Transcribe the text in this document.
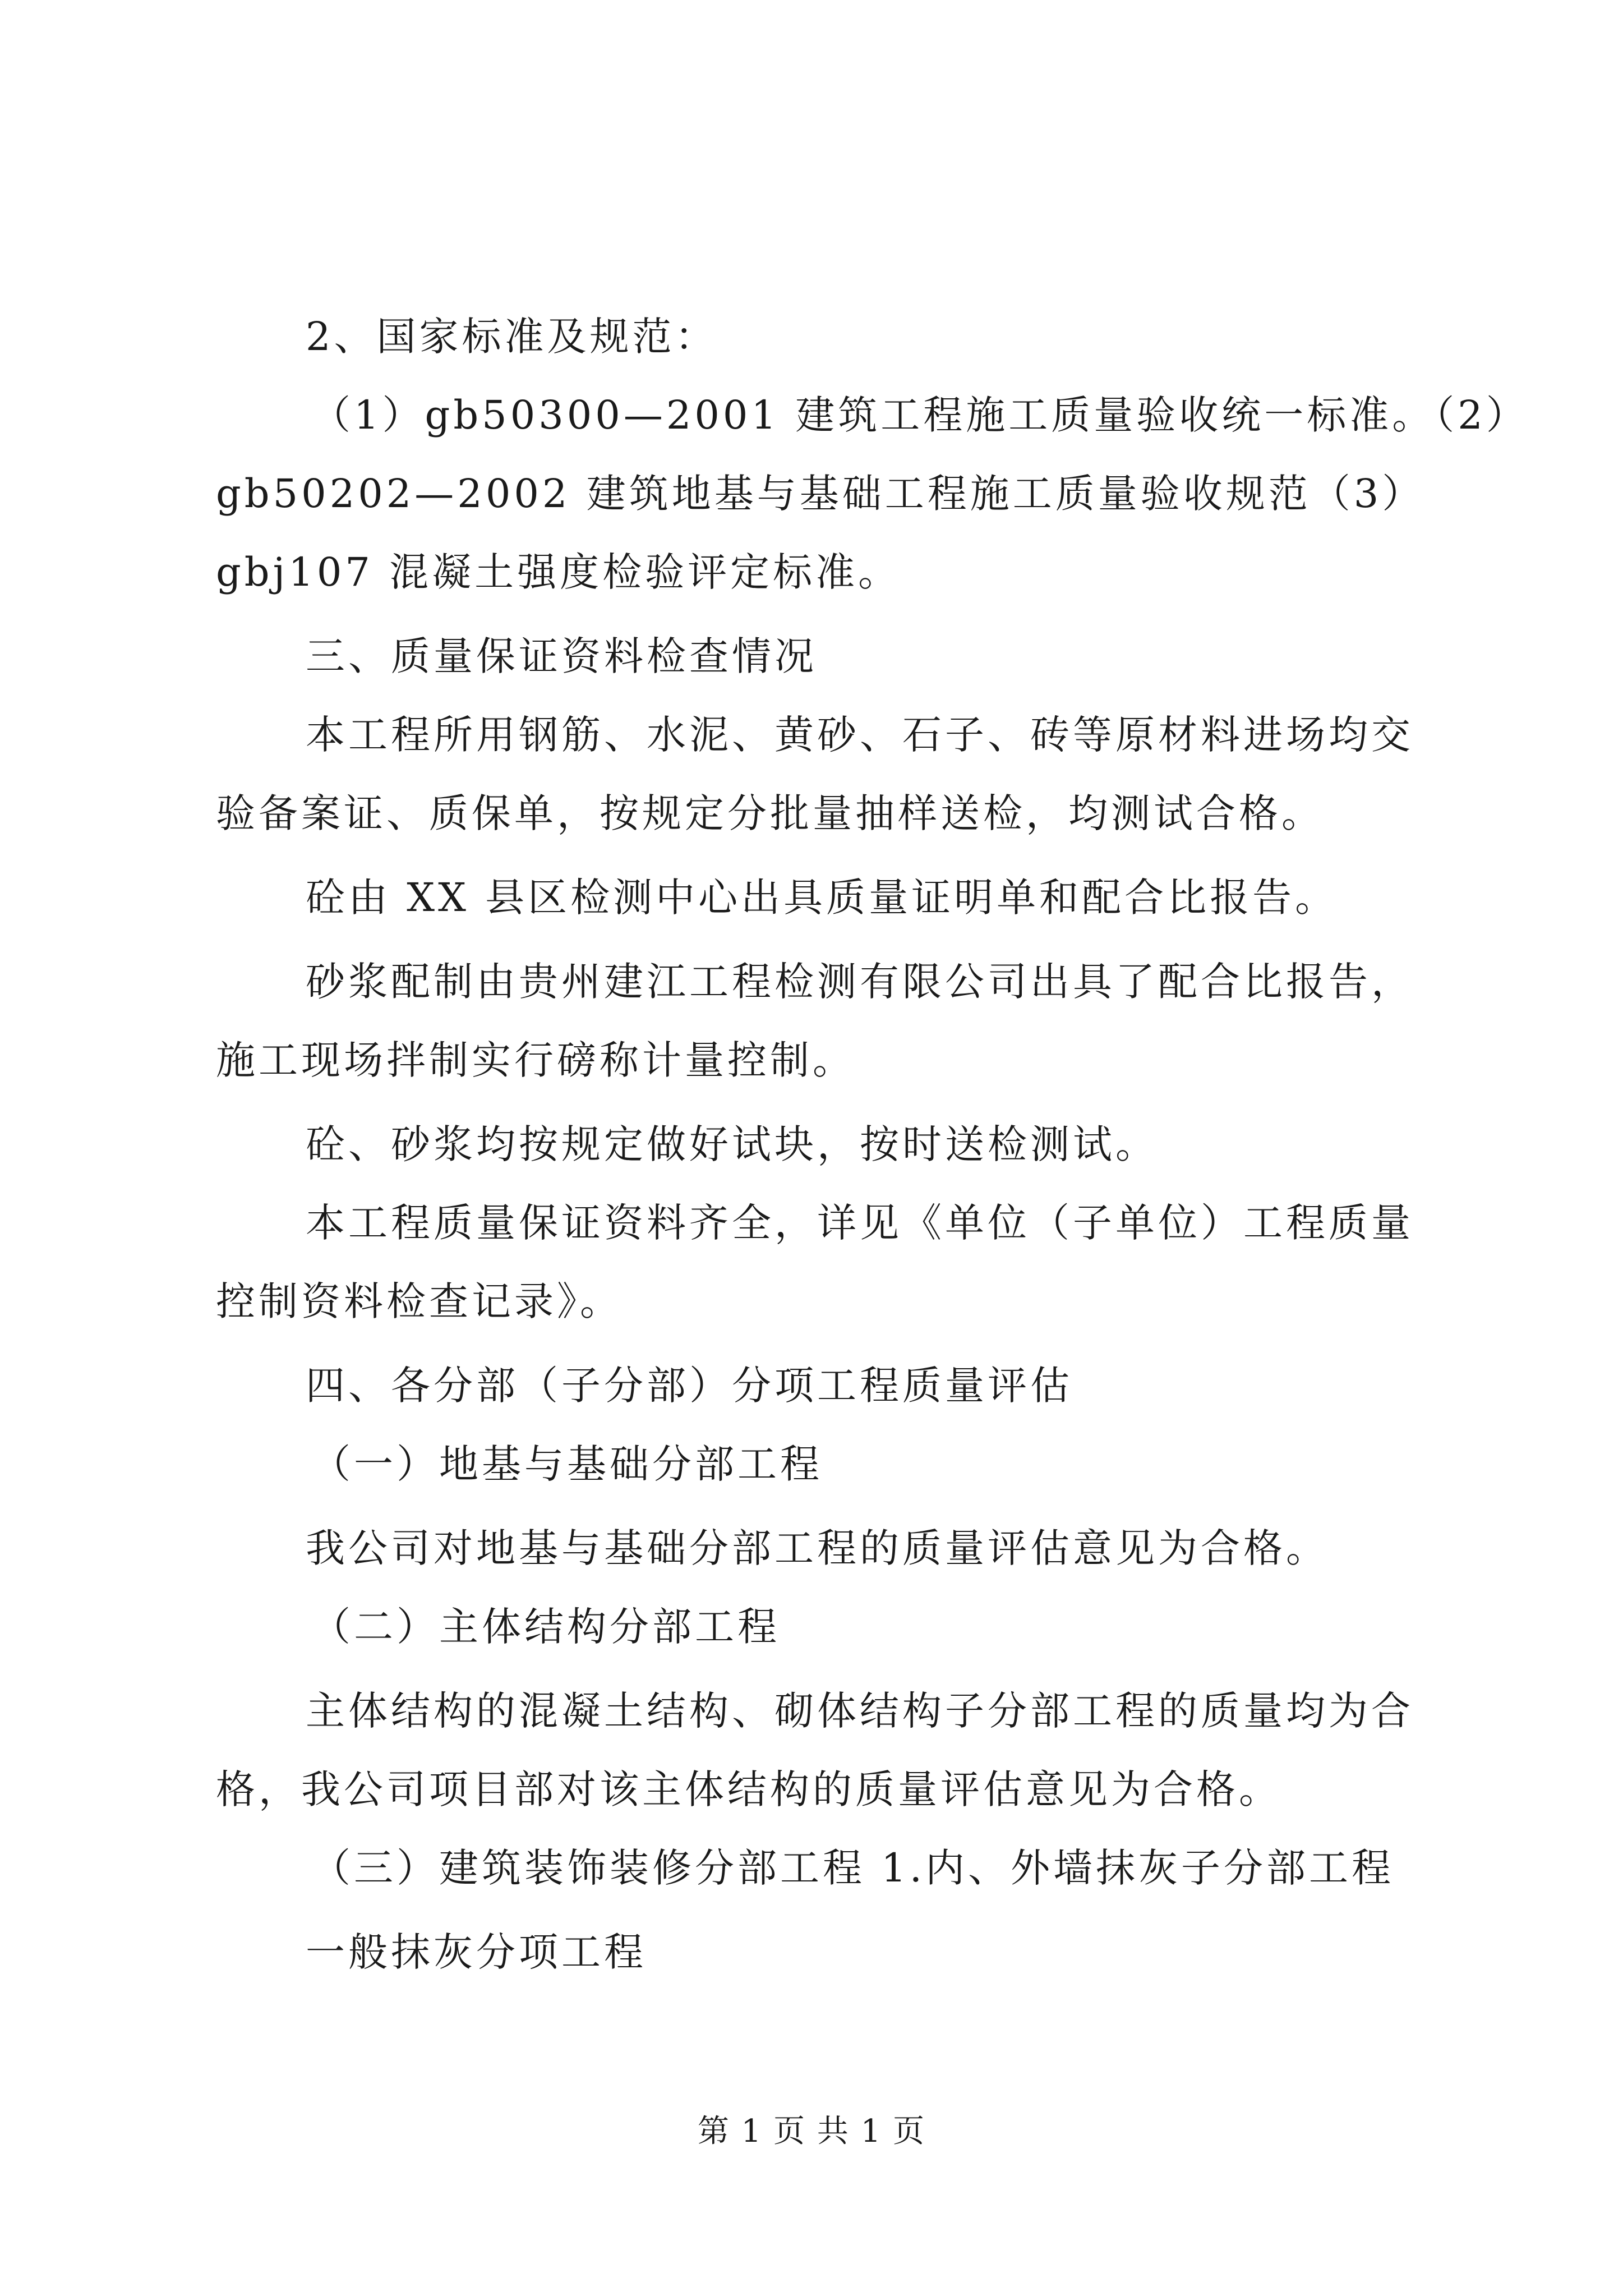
2、国家标准及规范：
（1）gb50300—2001 建筑工程施工质量验收统一标准。（2）
gb50202—2002 建筑地基与基础工程施工质量验收规范（3）
gbj107 混凝土强度检验评定标准。
三、质量保证资料检查情况
本工程所用钢筋、水泥、黄砂、石子、砖等原材料进场均交
验备案证、质保单，按规定分批量抽样送检，均测试合格。
砼由 XX 县区检测中心出具质量证明单和配合比报告。
砂浆配制由贵州建江工程检测有限公司出具了配合比报告，
施工现场拌制实行磅称计量控制。
砼、砂浆均按规定做好试块，按时送检测试。
本工程质量保证资料齐全，详见《单位（子单位）工程质量
控制资料检查记录》。
四、各分部（子分部）分项工程质量评估
（一）地基与基础分部工程
我公司对地基与基础分部工程的质量评估意见为合格。
（二）主体结构分部工程
主体结构的混凝土结构、砌体结构子分部工程的质量均为合
格，我公司项目部对该主体结构的质量评估意见为合格。
（三）建筑装饰装修分部工程 1.内、外墙抹灰子分部工程
一般抹灰分项工程
第 1 页 共 1 页
